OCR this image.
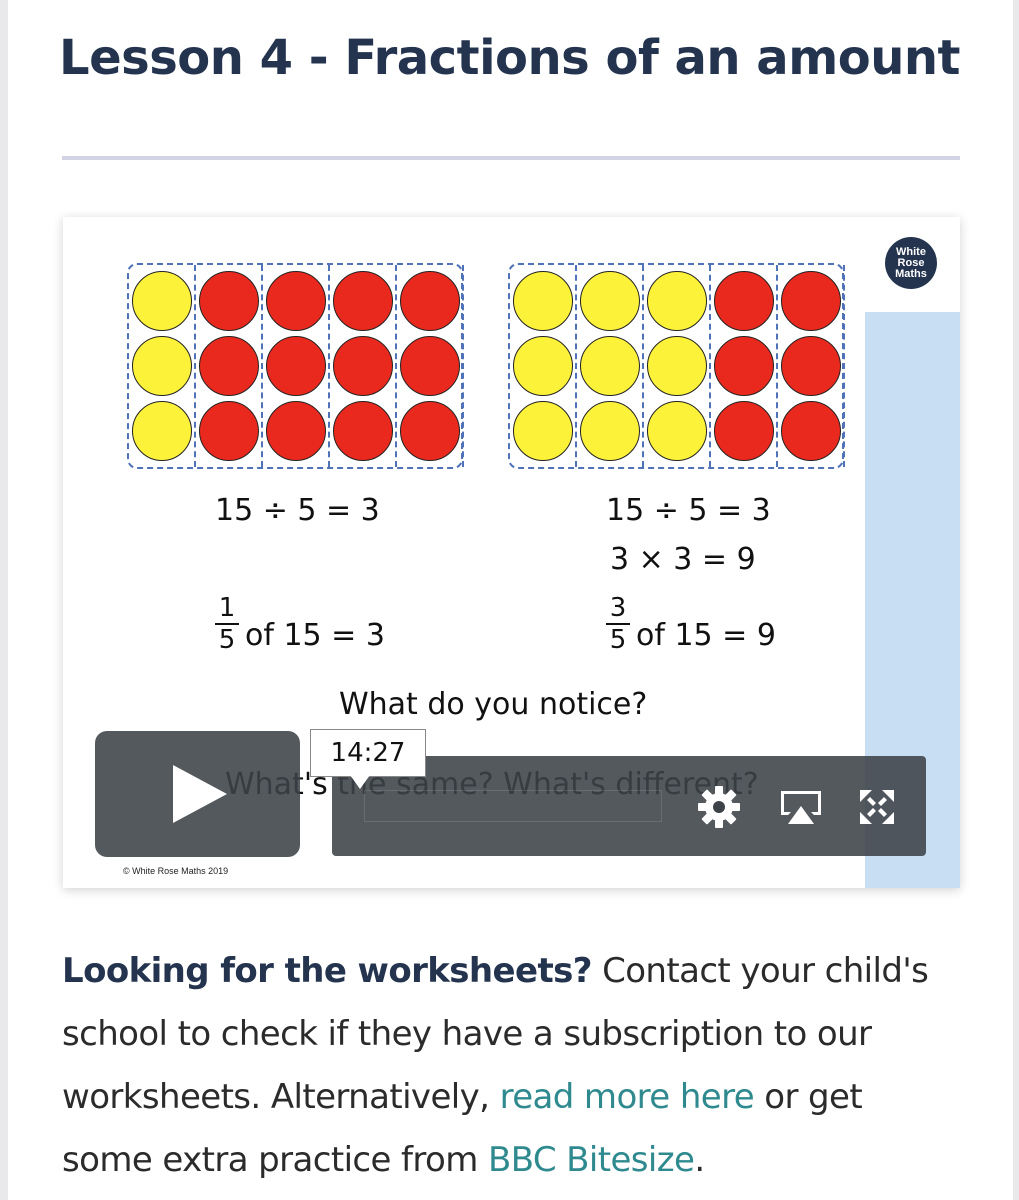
Lesson 4 - Fractions of an amount
White
Rose
Maths

15 ÷ 5 = 3

1
5 of 15 = 3

15 ÷ 5 = 3

3 × 3 = 9

3
5 of 15 = 9

What do you notice?

© White Rose Maths 2019
14:27

Looking for the worksheets? Contact your child's school to check if they have a subscription to our worksheets. Alternatively, read more here or get some extra practice from BBC Bitesize.
